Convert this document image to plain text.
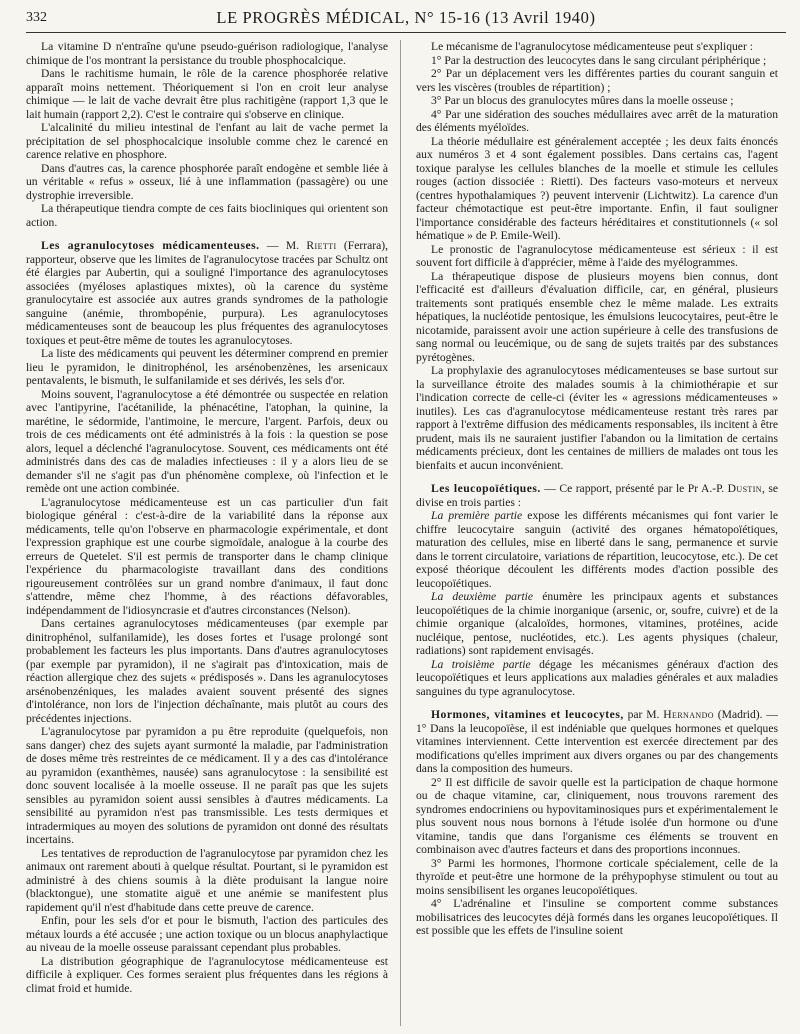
332	LE PROGRÈS MÉDICAL, N° 15-16 (13 Avril 1940)

La vitamine D n'entraîne qu'une pseudo-guérison radiologique, l'analyse chimique de l'os montrant la persistance du trouble phosphocalcique.

Dans le rachitisme humain, le rôle de la carence phosphorée relative apparaît moins nettement. Théoriquement si l'on en croit leur analyse chimique — le lait de vache devrait être plus rachitigène (rapport 1,3 que le lait humain (rapport 2,2). C'est le contraire qui s'observe en clinique.

L'alcalinité du milieu intestinal de l'enfant au lait de vache permet la précipitation de sel phosphocalcique insoluble comme chez le carencé en carence relative en phosphore.

Dans d'autres cas, la carence phosphorée paraît endogène et semble liée à un véritable « refus » osseux, lié à une inflammation (passagère) ou une dystrophie irreversible.

La thérapeutique tiendra compte de ces faits biocliniques qui orientent son action.

Les agranulocytoses médicamenteuses. — M. Rietti (Ferrara), rapporteur, observe que les limites de l'agranulocytose tracées par Schultz ont été élargies par Aubertin, qui a souligné l'importance des agranulocytoses associées (myéloses aplastiques mixtes), où la carence du système granulocytaire est associée aux autres grands syndromes de la pathologie sanguine (anémie, thrombopénie, purpura). Les agranulocytoses médicamenteuses sont de beaucoup les plus fréquentes des agranulocytoses toxiques et peut-être même de toutes les agranulocytoses.

La liste des médicaments qui peuvent les déterminer comprend en premier lieu le pyramidon, le dinitrophénol, les arsénobenzènes, les arsenicaux pentavalents, le bismuth, le sulfanilamide et ses dérivés, les sels d'or.

Moins souvent, l'agranulocytose a été démontrée ou suspectée en relation avec l'antipyrine, l'acétanilide, la phénacétine, l'atophan, la quinine, la marétine, le sédormide, l'antimoine, le mercure, l'argent. Parfois, deux ou trois de ces médicaments ont été administrés à la fois : la question se pose alors, lequel a déclenché l'agranulocytose. Souvent, ces médicaments ont été administrés dans des cas de maladies infectieuses : il y a alors lieu de se demander s'il ne s'agit pas d'un phénomène complexe, où l'infection et le remède ont une action combinée.

L'agranulocytose médicamenteuse est un cas particulier d'un fait biologique général : c'est-à-dire de la variabilité dans la réponse aux médicaments, telle qu'on l'observe en pharmacologie expérimentale, et dont l'expression graphique est une courbe sigmoïdale, analogue à la courbe des erreurs de Quetelet. S'il est permis de transporter dans le champ clinique l'expérience du pharmacologiste travaillant dans des conditions rigoureusement contrôlées sur un grand nombre d'animaux, il faut donc s'attendre, même chez l'homme, à des réactions défavorables, indépendamment de l'idiosyncrasie et d'autres circonstances (Nelson).

Dans certaines agranulocytoses médicamenteuses (par exemple par dinitrophénol, sulfanilamide), les doses fortes et l'usage prolongé sont probablement les facteurs les plus importants. Dans d'autres agranulocytoses (par exemple par pyramidon), il ne s'agirait pas d'intoxication, mais de réaction allergique chez des sujets « prédisposés ». Dans les agranulocytoses arsénobenzéniques, les malades avaient souvent présenté des signes d'intolérance, non lors de l'injection déchaînante, mais plutôt au cours des précédentes injections.

L'agranulocytose par pyramidon a pu être reproduite (quelquefois, non sans danger) chez des sujets ayant surmonté la maladie, par l'administration de doses même très restreintes de ce médicament. Il y a des cas d'intolérance au pyramidon (exanthèmes, nausée) sans agranulocytose : la sensibilité est donc souvent localisée à la moelle osseuse. Il ne paraît pas que les sujets sensibles au pyramidon soient aussi sensibles à d'autres médicaments. La sensibilité au pyramidon n'est pas transmissible. Les tests dermiques et intradermiques au moyen des solutions de pyramidon ont donné des résultats incertains.

Les tentatives de reproduction de l'agranulocytose par pyramidon chez les animaux ont rarement abouti à quelque résultat. Pourtant, si le pyramidon est administré à des chiens soumis à la diète produisant la langue noire (blacktongue), une stomatite aiguë et une anémie se manifestent plus rapidement qu'il n'est d'habitude dans cette preuve de carence.

Enfin, pour les sels d'or et pour le bismuth, l'action des particules des métaux lourds a été accusée ; une action toxique ou un blocus anaphylactique au niveau de la moelle osseuse paraissant cependant plus probables.

La distribution géographique de l'agranulocytose médicamenteuse est difficile à expliquer. Ces formes seraient plus fréquentes dans les régions à climat froid et humide.

Le mécanisme de l'agranulocytose médicamenteuse peut s'expliquer :

1° Par la destruction des leucocytes dans le sang circulant périphérique ;

2° Par un déplacement vers les différentes parties du courant sanguin et vers les viscères (troubles de répartition) ;

3° Par un blocus des granulocytes mûres dans la moelle osseuse ;

4° Par une sidération des souches médullaires avec arrêt de la maturation des éléments myéloïdes.

La théorie médullaire est généralement acceptée ; les deux faits énoncés aux numéros 3 et 4 sont également possibles. Dans certains cas, l'agent toxique paralyse les cellules blanches de la moelle et stimule les cellules rouges (action dissociée : Rietti). Des facteurs vaso-moteurs et nerveux (centres hypothalamiques ?) peuvent intervenir (Lichtwitz). La carence d'un facteur chémotactique est peut-être importante. Enfin, il faut souligner l'importance considérable des facteurs héréditaires et constitutionnels (« sol hématique » de P. Emile-Weil).

Le pronostic de l'agranulocytose médicamenteuse est sérieux : il est souvent fort difficile à d'apprécier, même à l'aide des myélogrammes.

La thérapeutique dispose de plusieurs moyens bien connus, dont l'efficacité est d'ailleurs d'évaluation difficile, car, en général, plusieurs traitements sont pratiqués ensemble chez le même malade. Les extraits hépatiques, la nucléotide pentosique, les émulsions leucocytaires, peut-être le nicotamide, paraissent avoir une action supérieure à celle des transfusions de sang normal ou leucémique, ou de sang de sujets traités par des substances pyrétogènes.

La prophylaxie des agranulocytoses médicamenteuses se base surtout sur la surveillance étroite des malades soumis à la chimiothérapie et sur l'indication correcte de celle-ci (éviter les « agressions médicamenteuses » inutiles). Les cas d'agranulocytose médicamenteuse restant très rares par rapport à l'extrême diffusion des médicaments responsables, ils incitent à être prudent, mais ils ne sauraient justifier l'abandon ou la limitation de certains médicaments précieux, dont les centaines de milliers de malades ont tous les bienfaits et aucun inconvénient.

Les leucopoïétiques. — Ce rapport, présenté par le Pr A.-P. Dustin, se divise en trois parties :

La première partie expose les différents mécanismes qui font varier le chiffre leucocytaire sanguin (activité des organes hématopoïétiques, maturation des cellules, mise en liberté dans le sang, permanence et survie dans le torrent circulatoire, variations de répartition, leucocytose, etc.). De cet exposé théorique découlent les différents modes d'action possible des leucopoïétiques.

La deuxième partie énumère les principaux agents et substances leucopoïétiques de la chimie inorganique (arsenic, or, soufre, cuivre) et de la chimie organique (alcaloïdes, hormones, vitamines, protéines, acide nucléique, pentose, nucléotides, etc.). Les agents physiques (chaleur, radiations) sont rapidement envisagés.

La troisième partie dégage les mécanismes généraux d'action des leucopoïétiques et leurs applications aux maladies générales et aux maladies sanguines du type agranulocytose.

Hormones, vitamines et leucocytes, par M. Hernando (Madrid). — 1° Dans la leucopoïèse, il est indéniable que quelques hormones et quelques vitamines interviennent. Cette intervention est exercée directement par des modifications qu'elles impriment aux divers organes ou par des changements dans la composition des humeurs.

2° Il est difficile de savoir quelle est la participation de chaque hormone ou de chaque vitamine, car, cliniquement, nous trouvons rarement des syndromes endocriniens ou hypovitaminosiques purs et expérimentalement le plus souvent nous nous bornons à l'étude isolée d'un hormone ou d'une vitamine, tandis que dans l'organisme ces éléments se trouvent en combinaison avec d'autres facteurs et dans des proportions inconnues.

3° Parmi les hormones, l'hormone corticale spécialement, celle de la thyroïde et peut-être une hormone de la préhypophyse stimulent ou tout au moins sensibilisent les organes leucopoïétiques.

4° L'adrénaline et l'insuline se comportent comme substances mobilisatrices des leucocytes déjà formés dans les organes leucopoïétiques. Il est possible que les effets de l'insuline soient
